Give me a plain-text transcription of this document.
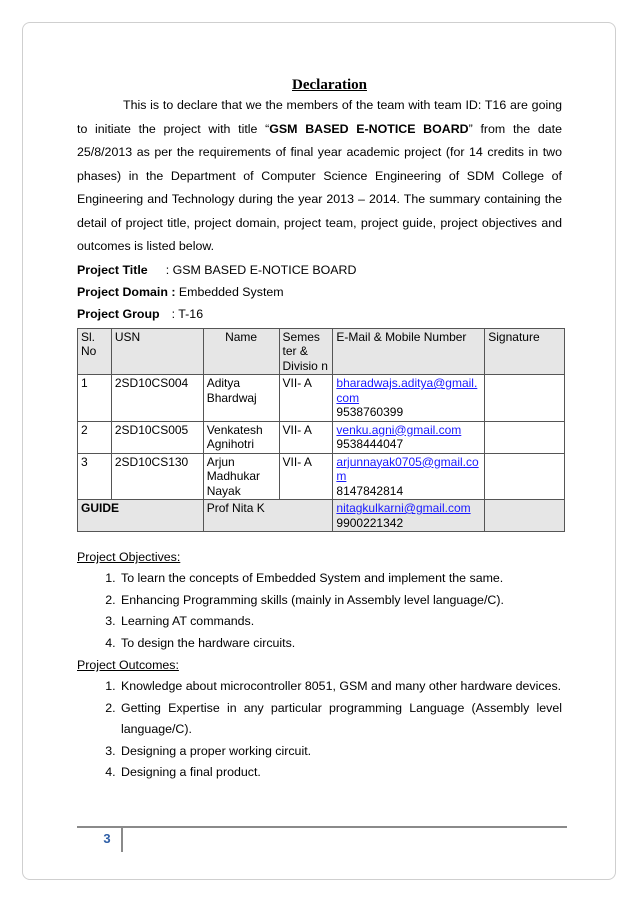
Declaration
This is to declare that we the members of the team with team ID: T16 are going to initiate the project with title “GSM BASED E-NOTICE BOARD” from the date 25/8/2013 as per the requirements of final year academic project (for 14 credits in two phases) in the Department of Computer Science Engineering of SDM College of Engineering and Technology during the year 2013 – 2014. The summary containing the detail of project title, project domain, project team, project guide, project objectives and outcomes is listed below.
Project Title : GSM BASED E-NOTICE BOARD
Project Domain : Embedded System
Project Group : T-16
Sl. No	USN	Name	Semes ter & Divisio n	E-Mail & Mobile Number	Signature
1	2SD10CS004	Aditya Bhardwaj	VII- A	bharadwajs.aditya@gmail.com
9538760399	
2	2SD10CS005	Venkatesh Agnihotri	VII- A	venku.agni@gmail.com
9538444047	
3	2SD10CS130	Arjun Madhukar Nayak	VII- A	arjunnayak0705@gmail.com
8147842814	
GUIDE		Prof Nita K		nitagkulkarni@gmail.com
9900221342	
Project Objectives:
1. To learn the concepts of Embedded System and implement the same.
2. Enhancing Programming skills (mainly in Assembly level language/C).
3. Learning AT commands.
4. To design the hardware circuits.
Project Outcomes:
1. Knowledge about microcontroller 8051, GSM and many other hardware devices.
2. Getting Expertise in any particular programming Language (Assembly level language/C).
3. Designing a proper working circuit.
4. Designing a final product.
3
